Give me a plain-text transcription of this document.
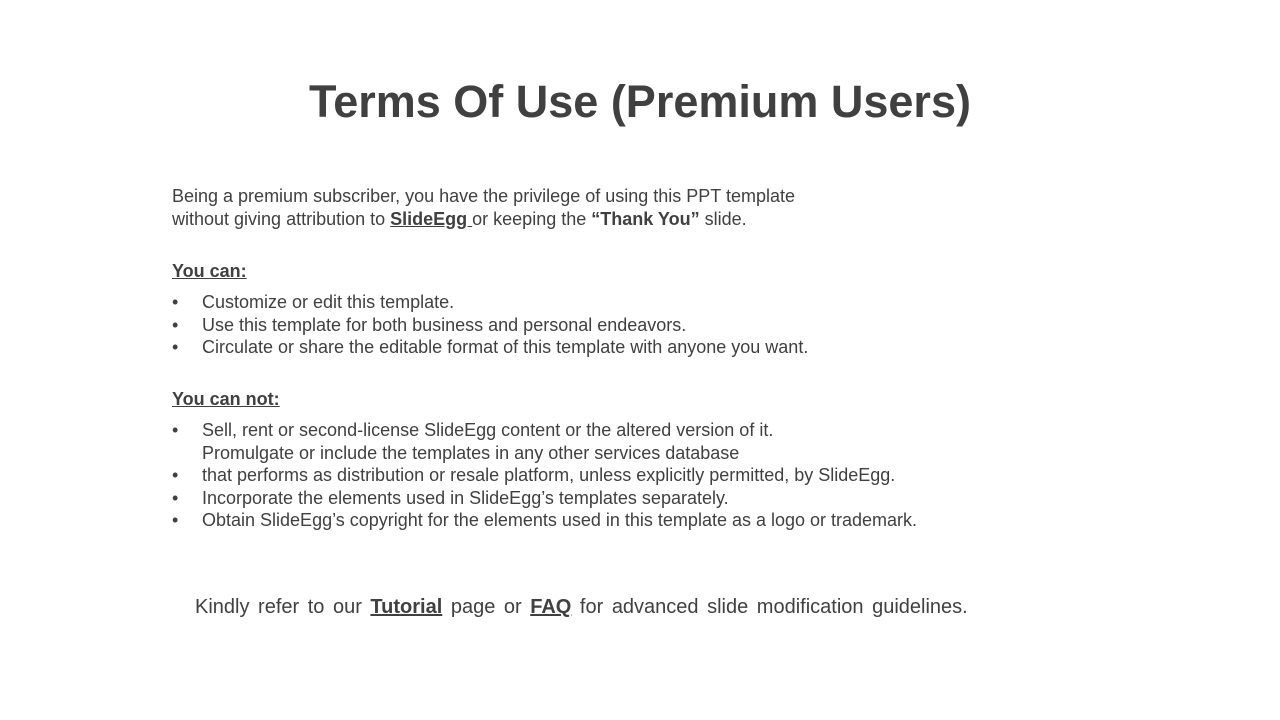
Terms Of Use (Premium Users)

Being a premium subscriber, you have the privilege of using this PPT template
without giving attribution to SlideEgg or keeping the “Thank You” slide.

You can:

•	Customize or edit this template.
•	Use this template for both business and personal endeavors.
•	Circulate or share the editable format of this template with anyone you want.

You can not:

•	Sell, rent or second-license SlideEgg content or the altered version of it.
Promulgate or include the templates in any other services database
•	that performs as distribution or resale platform, unless explicitly permitted, by SlideEgg.
•	Incorporate the elements used in SlideEgg’s templates separately.
•	Obtain SlideEgg’s copyright for the elements used in this template as a logo or trademark.

Kindly refer to our Tutorial page or FAQ for advanced slide modification guidelines.
